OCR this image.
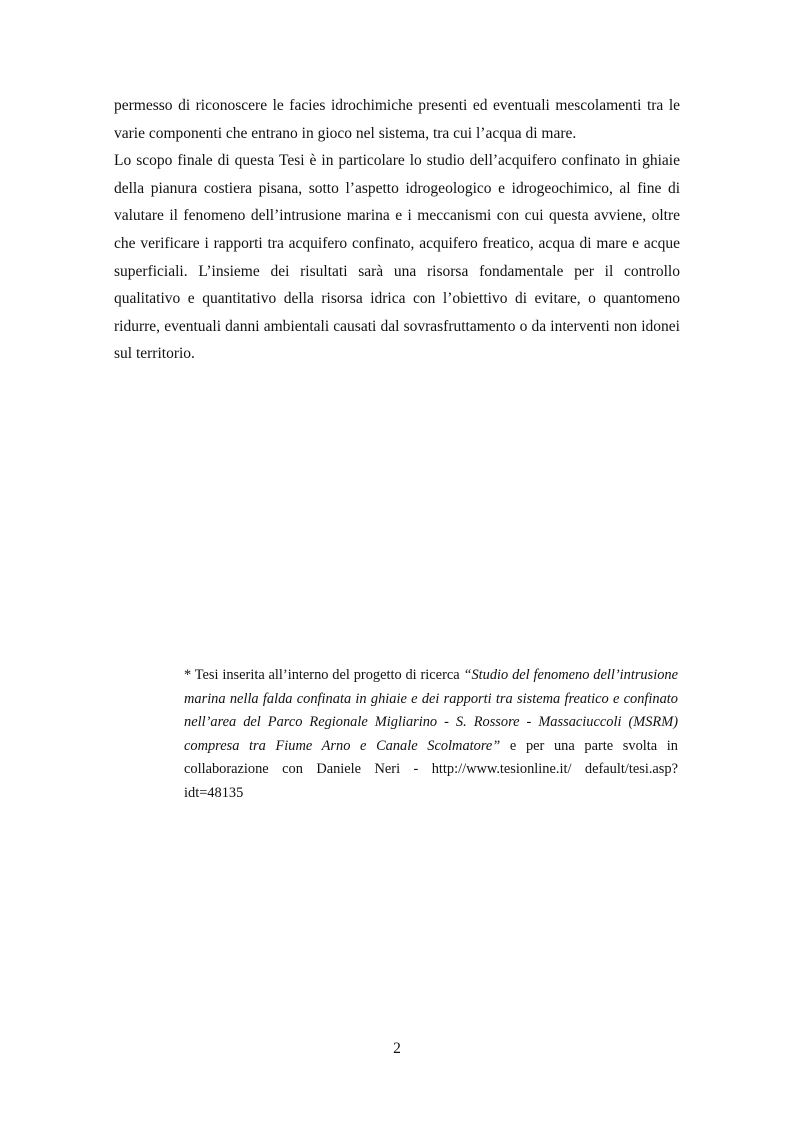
permesso di riconoscere le facies idrochimiche presenti ed eventuali mescolamenti tra le varie componenti che entrano in gioco nel sistema, tra cui l’acqua di mare.

Lo scopo finale di questa Tesi è in particolare lo studio dell’acquifero confinato in ghiaie della pianura costiera pisana, sotto l’aspetto idrogeologico e idrogeochimico, al fine di valutare il fenomeno dell’intrusione marina e i meccanismi con cui questa avviene, oltre che verificare i rapporti tra acquifero confinato, acquifero freatico, acqua di mare e acque superficiali. L’insieme dei risultati sarà una risorsa fondamentale per il controllo qualitativo e quantitativo della risorsa idrica con l’obiettivo di evitare, o quantomeno ridurre, eventuali danni ambientali causati dal sovrasfruttamento o da interventi non idonei sul territorio.

* Tesi inserita all’interno del progetto di ricerca “Studio del fenomeno dell’intrusione marina nella falda confinata in ghiaie e dei rapporti tra sistema freatico e confinato nell’area del Parco Regionale Migliarino - S. Rossore - Massaciuccoli (MSRM) compresa tra Fiume Arno e Canale Scolmatore” e per una parte svolta in collaborazione con Daniele Neri - http://www.tesionline.it/ default/tesi.asp?idt=48135

2
